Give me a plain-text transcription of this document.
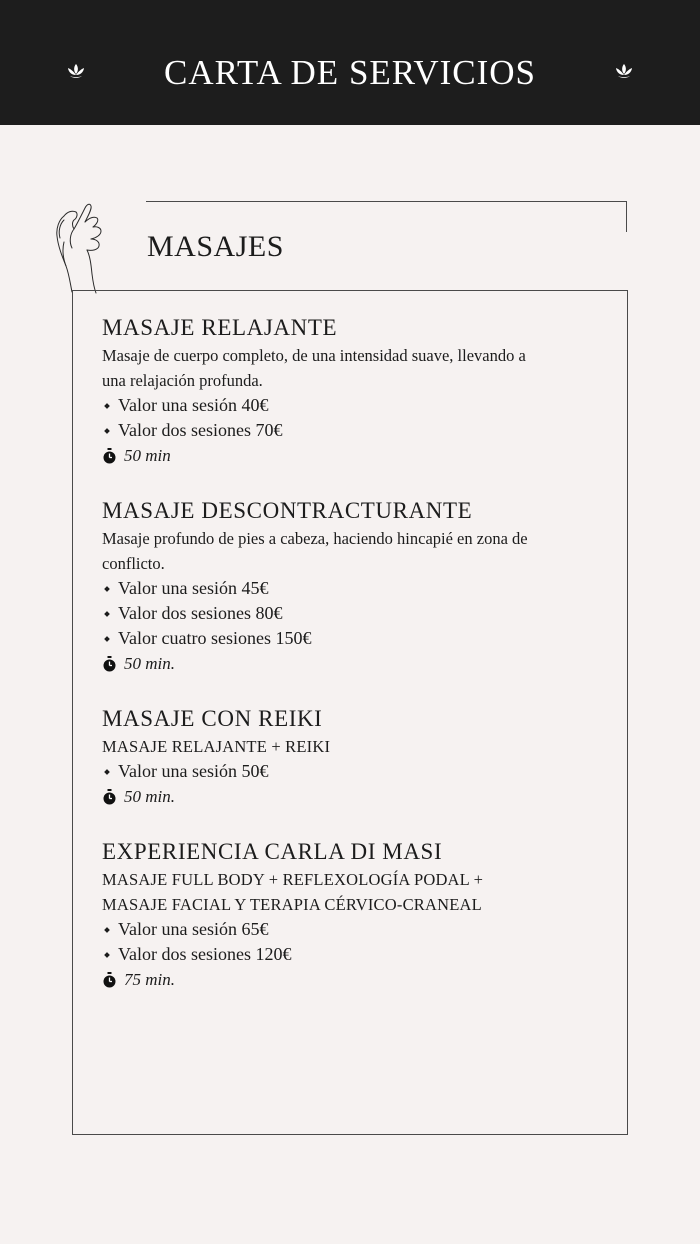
CARTA DE SERVICIOS
MASAJES
MASAJE RELAJANTE

Masaje de cuerpo completo, de una intensidad suave, llevando a una relajación profunda.

Valor una sesión 40€

Valor dos sesiones 70€

50 min

MASAJE DESCONTRACTURANTE

Masaje profundo de pies a cabeza, haciendo hincapié en zona de conflicto.

Valor una sesión 45€

Valor dos sesiones 80€

Valor cuatro sesiones 150€

50 min.

MASAJE CON REIKI

MASAJE RELAJANTE + REIKI

Valor una sesión 50€

50 min.

EXPERIENCIA CARLA DI MASI

MASAJE FULL BODY + REFLEXOLOGÍA PODAL +
MASAJE FACIAL Y TERAPIA CÉRVICO-CRANEAL

Valor una sesión 65€

Valor dos sesiones 120€

75 min.
